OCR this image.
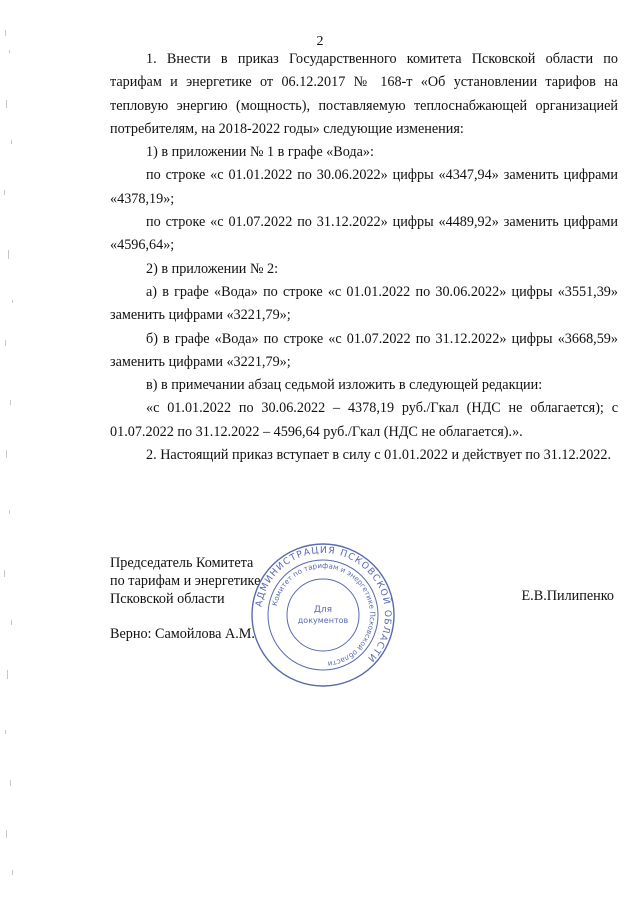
2

1. Внести в приказ Государственного комитета Псковской области по тарифам и энергетике от 06.12.2017 № 168-т «Об установлении тарифов на тепловую энергию (мощность), поставляемую теплоснабжающей организацией потребителям, на 2018-2022 годы» следующие изменения:

1) в приложении № 1 в графе «Вода»:

по строке «с 01.01.2022 по 30.06.2022» цифры «4347,94» заменить цифрами «4378,19»;

по строке «с 01.07.2022 по 31.12.2022» цифры «4489,92» заменить цифрами «4596,64»;

2) в приложении № 2:

а) в графе «Вода» по строке «с 01.01.2022 по 30.06.2022» цифры «3551,39» заменить цифрами «3221,79»;

б) в графе «Вода» по строке «с 01.07.2022 по 31.12.2022» цифры «3668,59» заменить цифрами «3221,79»;

в) в примечании абзац седьмой изложить в следующей редакции:

«с 01.01.2022 по 30.06.2022 – 4378,19 руб./Гкал (НДС не облагается); с 01.07.2022 по 31.12.2022 – 4596,64 руб./Гкал (НДС не облагается).».

2. Настоящий приказ вступает в силу с 01.01.2022 и действует по 31.12.2022.

Председатель Комитета
по тарифам и энергетике
Псковской области	Е.В.Пилипенко
Верно: Самойлова А.М.
АДМИНИСТРАЦИЯ ПСКОВСКОЙ ОБЛАСТИ
Комитет по тарифам и энергетике Псковской области
Для
документов
